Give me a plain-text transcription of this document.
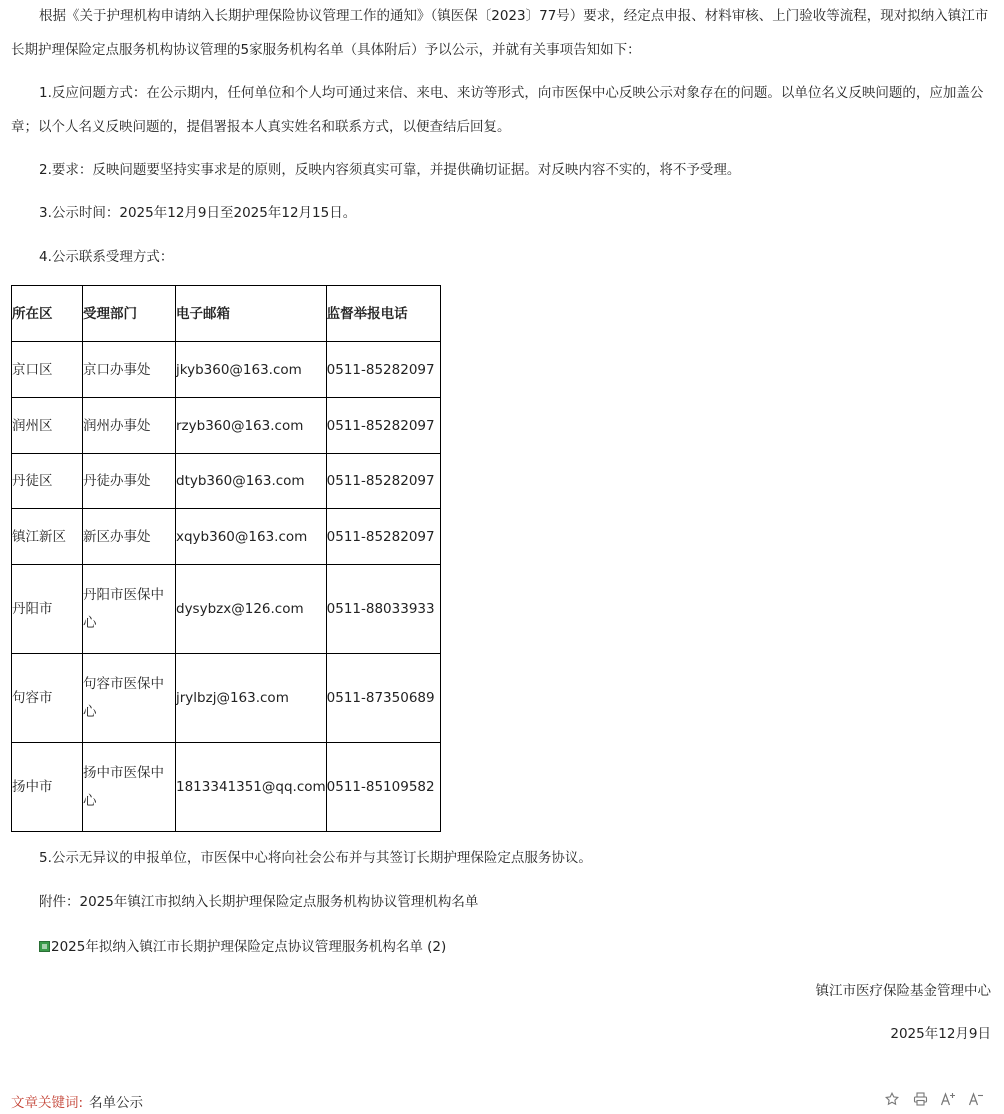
根据《关于护理机构申请纳入长期护理保险协议管理工作的通知》（镇医保〔2023〕77号）要求，经定点申报、材料审核、上门验收等流程，现对拟纳入镇江市长期护理保险定点服务机构协议管理的5家服务机构名单（具体附后）予以公示，并就有关事项告知如下：

1.反应问题方式：在公示期内，任何单位和个人均可通过来信、来电、来访等形式，向市医保中心反映公示对象存在的问题。以单位名义反映问题的，应加盖公章；以个人名义反映问题的，提倡署报本人真实姓名和联系方式，以便查结后回复。

2.要求：反映问题要坚持实事求是的原则，反映内容须真实可靠，并提供确切证据。对反映内容不实的，将不予受理。

3.公示时间：2025年12月9日至2025年12月15日。

4.公示联系受理方式：

所在区	受理部门	电子邮箱	监督举报电话
京口区	京口办事处	jkyb360@163.com	0511-85282097
润州区	润州办事处	rzyb360@163.com	0511-85282097
丹徒区	丹徒办事处	dtyb360@163.com	0511-85282097
镇江新区	新区办事处	xqyb360@163.com	0511-85282097
丹阳市	丹阳市医保中心	dysybzx@126.com	0511-88033933
句容市	句容市医保中心	jrylbzj@163.com	0511-87350689
扬中市	扬中市医保中心	1813341351@qq.com	0511-85109582

5.公示无异议的申报单位，市医保中心将向社会公布并与其签订长期护理保险定点服务协议。

附件：2025年镇江市拟纳入长期护理保险定点服务机构协议管理机构名单

2025年拟纳入镇江市长期护理保险定点协议管理服务机构名单 (2)
镇江市医疗保险基金管理中心
2025年12月9日
文章关键词: 名单公示
